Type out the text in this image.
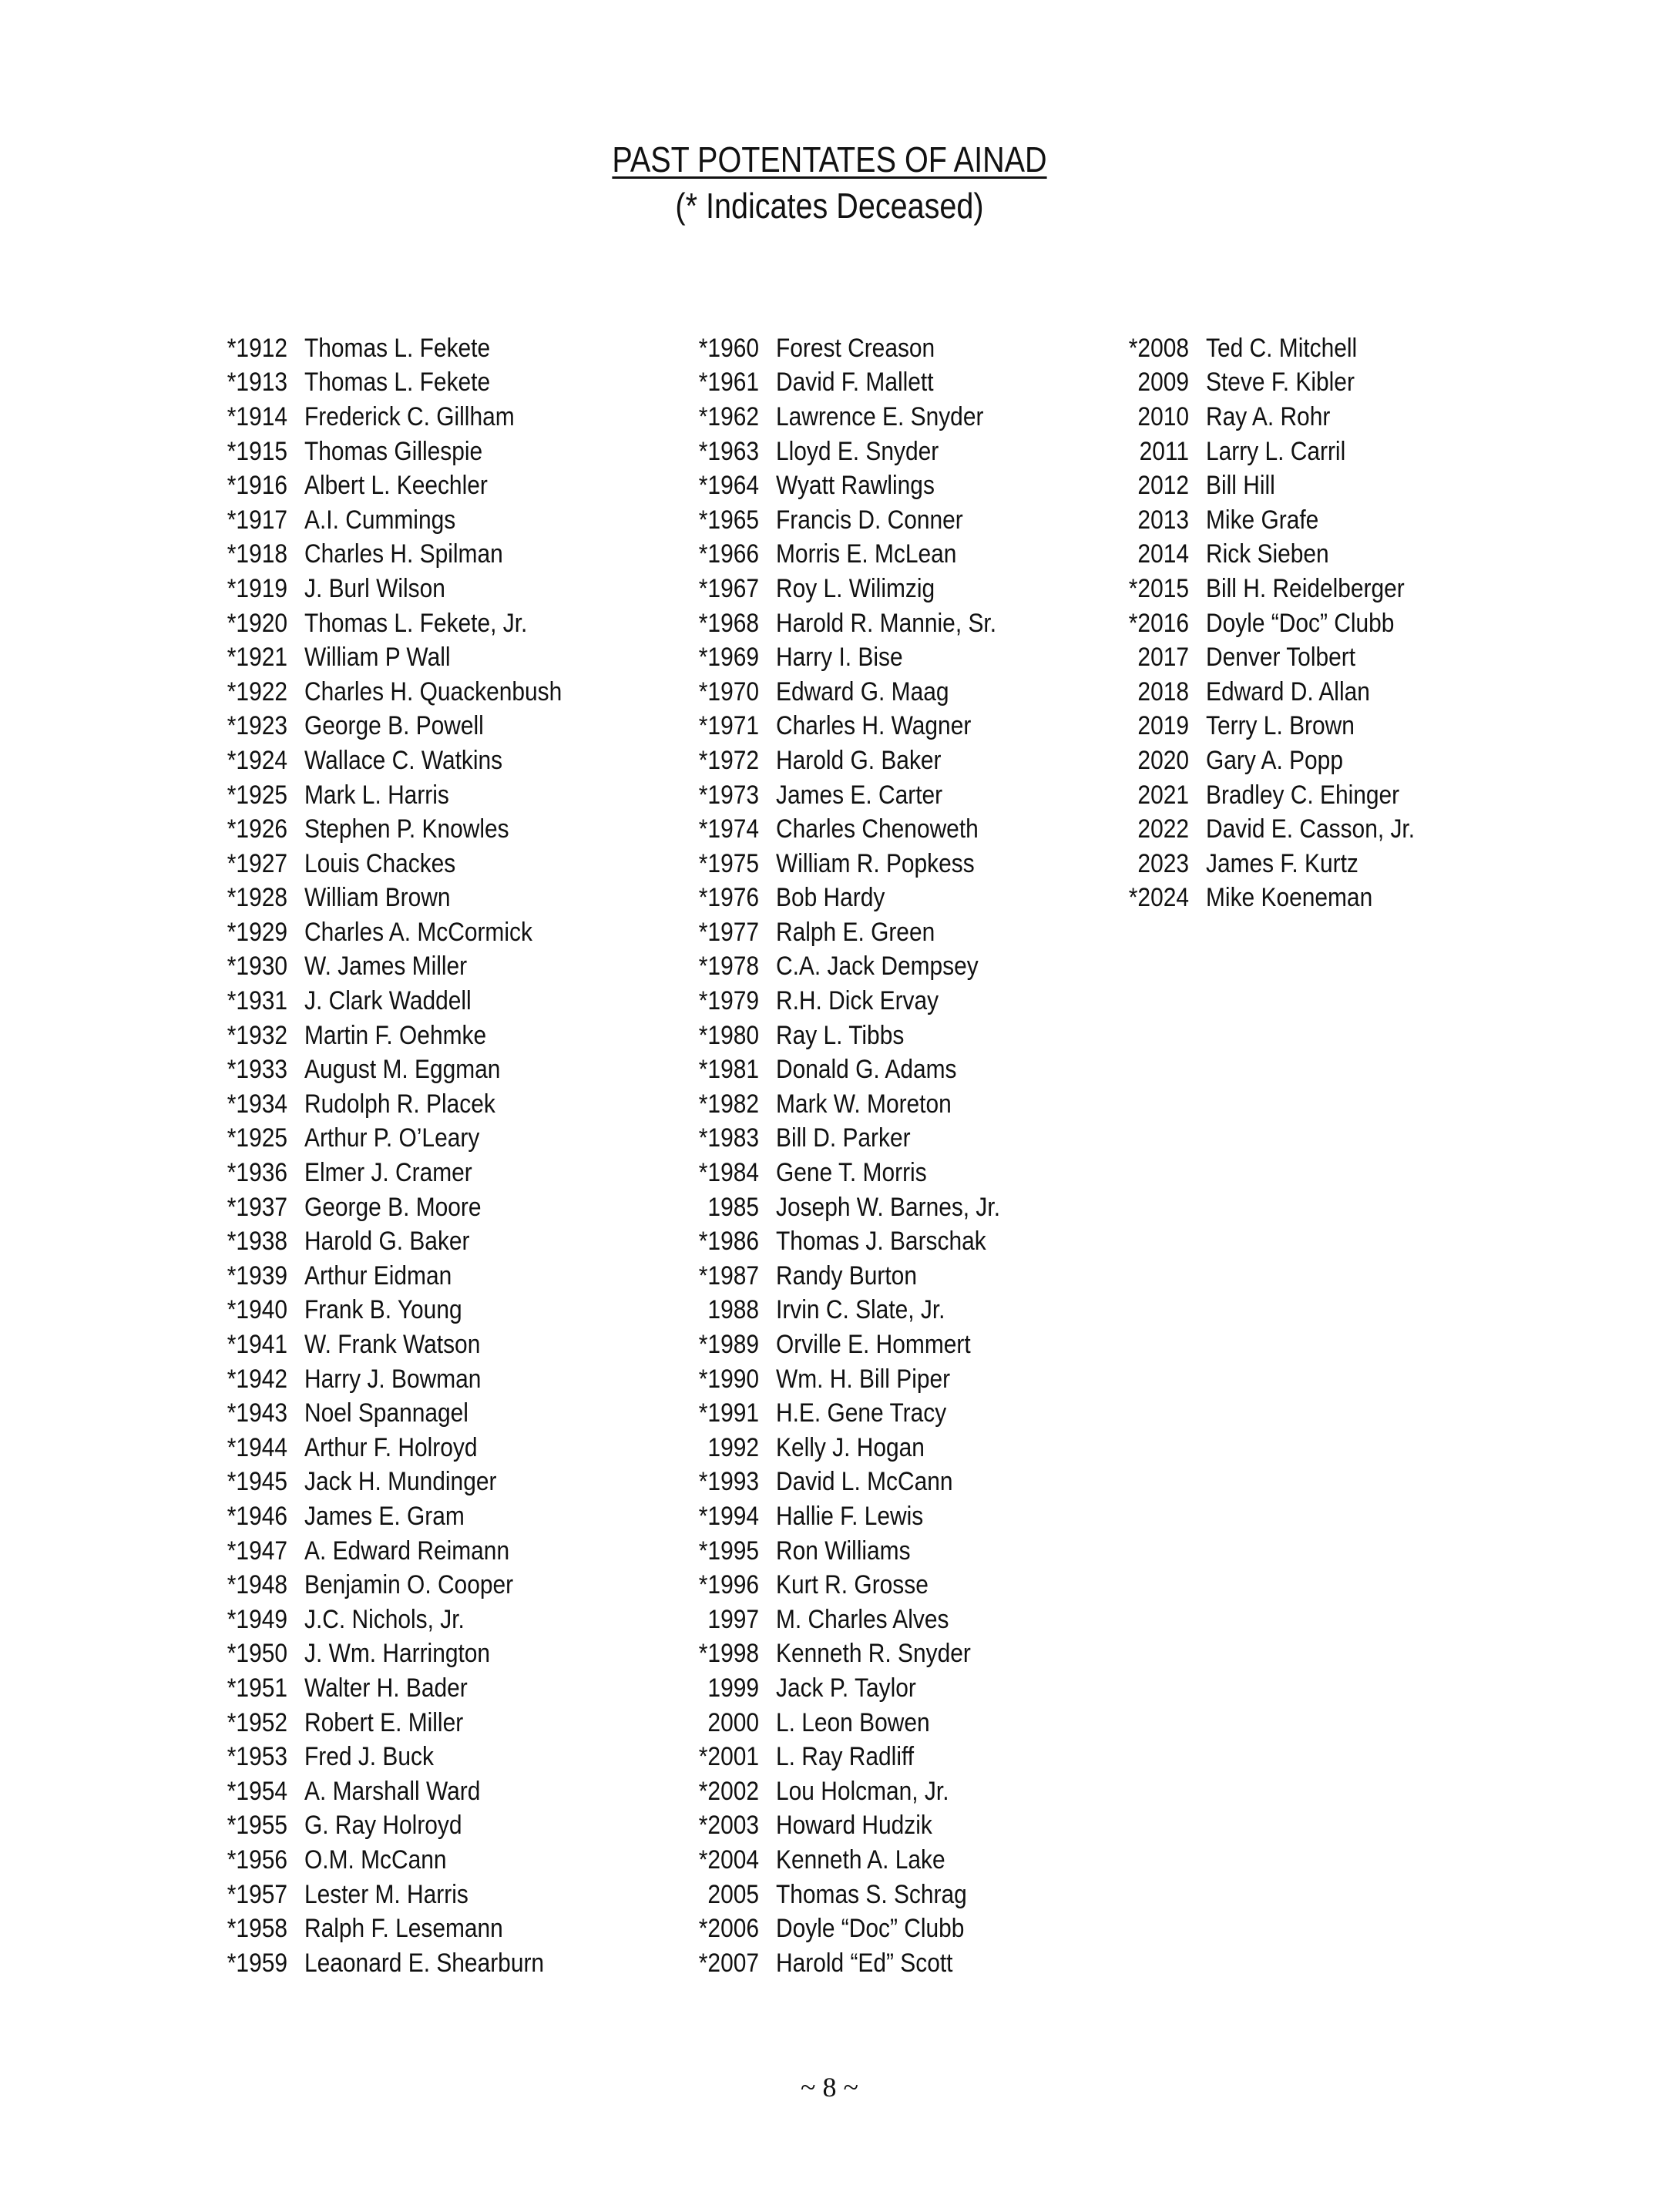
PAST POTENTATES OF AINAD
(* Indicates Deceased)
*1912 Thomas L. Fekete
*1913 Thomas L. Fekete
*1914 Frederick C. Gillham
*1915 Thomas Gillespie
*1916 Albert L. Keechler
*1917 A.I. Cummings
*1918 Charles H. Spilman
*1919 J. Burl Wilson
*1920 Thomas L. Fekete, Jr.
*1921 William P Wall
*1922 Charles H. Quackenbush
*1923 George B. Powell
*1924 Wallace C. Watkins
*1925 Mark L. Harris
*1926 Stephen P. Knowles
*1927 Louis Chackes
*1928 William Brown
*1929 Charles A. McCormick
*1930 W. James Miller
*1931 J. Clark Waddell
*1932 Martin F. Oehmke
*1933 August M. Eggman
*1934 Rudolph R. Placek
*1925 Arthur P. O’Leary
*1936 Elmer J. Cramer
*1937 George B. Moore
*1938 Harold G. Baker
*1939 Arthur Eidman
*1940 Frank B. Young
*1941 W. Frank Watson
*1942 Harry J. Bowman
*1943 Noel Spannagel
*1944 Arthur F. Holroyd
*1945 Jack H. Mundinger
*1946 James E. Gram
*1947 A. Edward Reimann
*1948 Benjamin O. Cooper
*1949 J.C. Nichols, Jr.
*1950 J. Wm. Harrington
*1951 Walter H. Bader
*1952 Robert E. Miller
*1953 Fred J. Buck
*1954 A. Marshall Ward
*1955 G. Ray Holroyd
*1956 O.M. McCann
*1957 Lester M. Harris
*1958 Ralph F. Lesemann
*1959 Leaonard E. Shearburn
*1960 Forest Creason
*1961 David F. Mallett
*1962 Lawrence E. Snyder
*1963 Lloyd E. Snyder
*1964 Wyatt Rawlings
*1965 Francis D. Conner
*1966 Morris E. McLean
*1967 Roy L. Wilimzig
*1968 Harold R. Mannie, Sr.
*1969 Harry I. Bise
*1970 Edward G. Maag
*1971 Charles H. Wagner
*1972 Harold G. Baker
*1973 James E. Carter
*1974 Charles Chenoweth
*1975 William R. Popkess
*1976 Bob Hardy
*1977 Ralph E. Green
*1978 C.A. Jack Dempsey
*1979 R.H. Dick Ervay
*1980 Ray L. Tibbs
*1981 Donald G. Adams
*1982 Mark W. Moreton
*1983 Bill D. Parker
*1984 Gene T. Morris
1985 Joseph W. Barnes, Jr.
*1986 Thomas J. Barschak
*1987 Randy Burton
1988 Irvin C. Slate, Jr.
*1989 Orville E. Hommert
*1990 Wm. H. Bill Piper
*1991 H.E. Gene Tracy
1992 Kelly J. Hogan
*1993 David L. McCann
*1994 Hallie F. Lewis
*1995 Ron Williams
*1996 Kurt R. Grosse
1997 M. Charles Alves
*1998 Kenneth R. Snyder
1999 Jack P. Taylor
2000 L. Leon Bowen
*2001 L. Ray Radliff
*2002 Lou Holcman, Jr.
*2003 Howard Hudzik
*2004 Kenneth A. Lake
2005 Thomas S. Schrag
*2006 Doyle “Doc” Clubb
*2007 Harold “Ed” Scott
*2008 Ted C. Mitchell
2009 Steve F. Kibler
2010 Ray A. Rohr
2011 Larry L. Carril
2012 Bill Hill
2013 Mike Grafe
2014 Rick Sieben
*2015 Bill H. Reidelberger
*2016 Doyle “Doc” Clubb
2017 Denver Tolbert
2018 Edward D. Allan
2019 Terry L. Brown
2020 Gary A. Popp
2021 Bradley C. Ehinger
2022 David E. Casson, Jr.
2023 James F. Kurtz
*2024 Mike Koeneman
~ 8 ~
